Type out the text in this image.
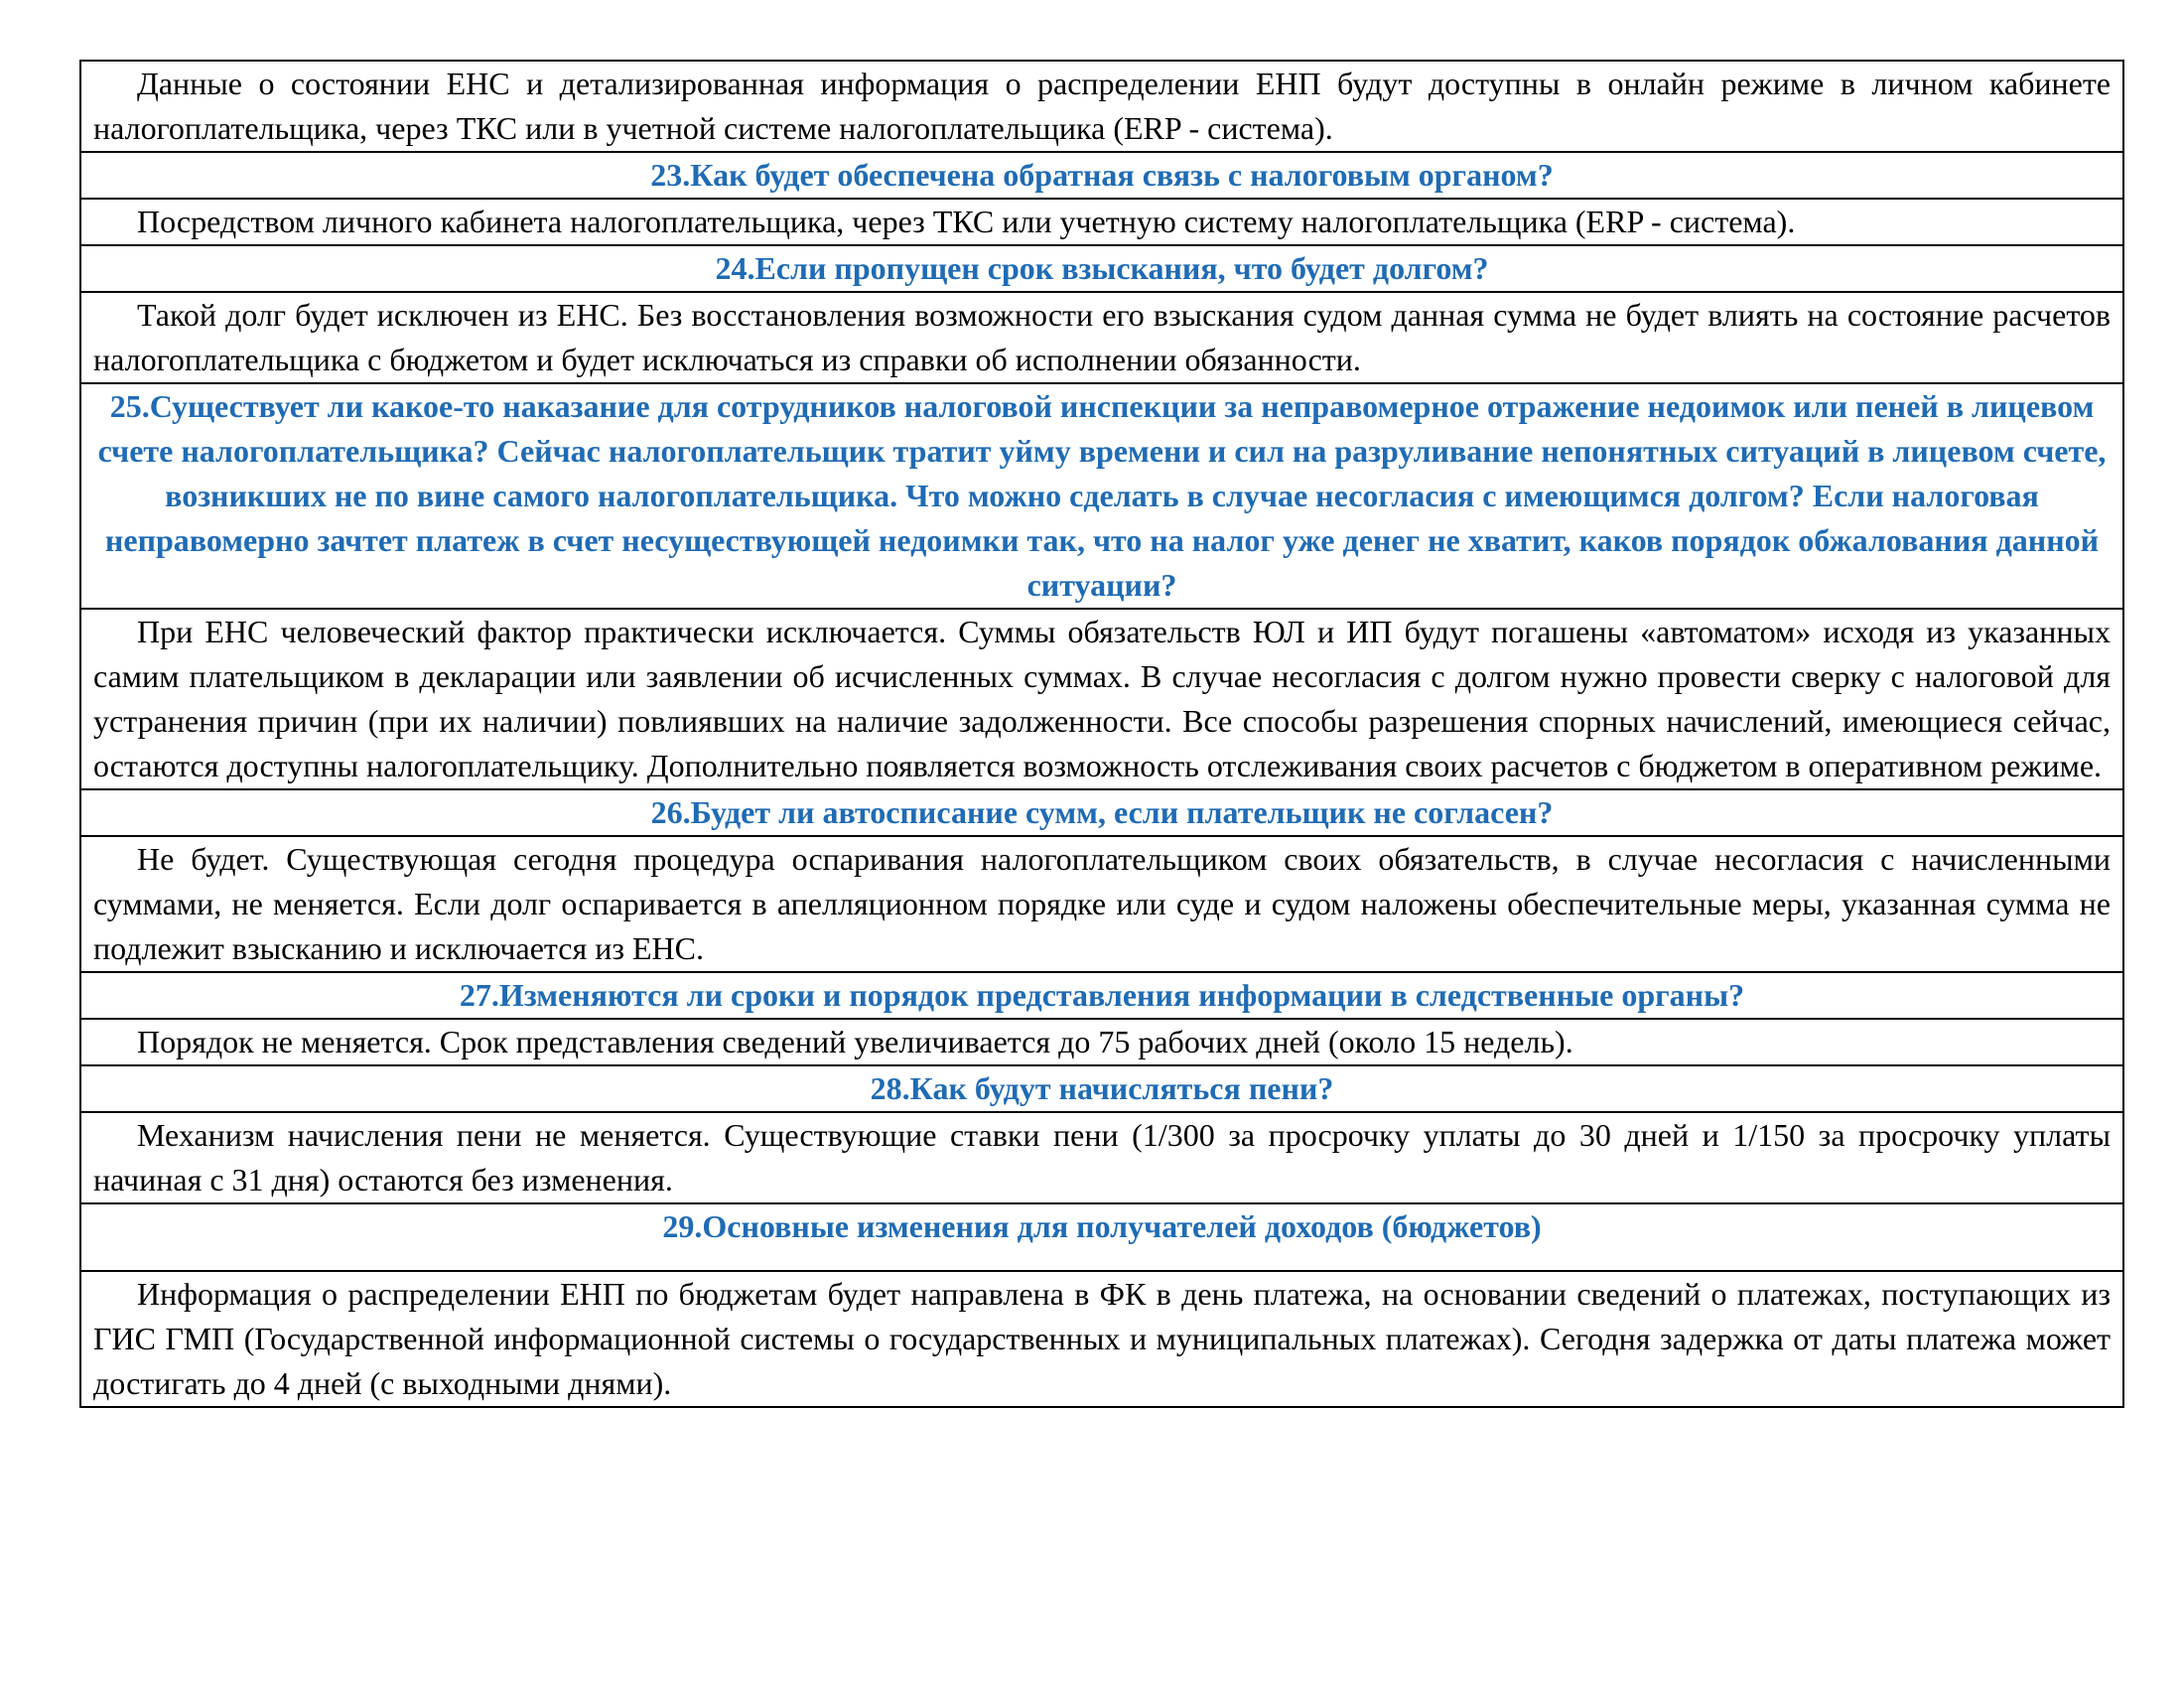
Данные о состоянии ЕНС и детализированная информация о распределении ЕНП будут доступны в онлайн режиме в личном кабинете налогоплательщика, через ТКС или в учетной системе налогоплательщика (ERP - система).
23.Как будет обеспечена обратная связь с налоговым органом?
Посредством личного кабинета налогоплательщика, через ТКС или учетную систему налогоплательщика (ERP - система).
24.Если пропущен срок взыскания, что будет долгом?
Такой долг будет исключен из ЕНС. Без восстановления возможности его взыскания судом данная сумма не будет влиять на состояние расчетов налогоплательщика с бюджетом и будет исключаться из справки об исполнении обязанности.
25.Существует ли какое-то наказание для сотрудников налоговой инспекции за неправомерное отражение недоимок или пеней в лицевом счете налогоплательщика? Сейчас налогоплательщик тратит уйму времени и сил на разруливание непонятных ситуаций в лицевом счете, возникших не по вине самого налогоплательщика. Что можно сделать в случае несогласия с имеющимся долгом? Если налоговая неправомерно зачтет платеж в счет несуществующей недоимки так, что на налог уже денег не хватит, каков порядок обжалования данной ситуации?
При ЕНС человеческий фактор практически исключается. Суммы обязательств ЮЛ и ИП будут погашены «автоматом» исходя из указанных самим плательщиком в декларации или заявлении об исчисленных суммах. В случае несогласия с долгом нужно провести сверку с налоговой для устранения причин (при их наличии) повлиявших на наличие задолженности. Все способы разрешения спорных начислений, имеющиеся сейчас, остаются доступны налогоплательщику. Дополнительно появляется возможность отслеживания своих расчетов с бюджетом в оперативном режиме.
26.Будет ли автосписание сумм, если плательщик не согласен?
Не будет. Существующая сегодня процедура оспаривания налогоплательщиком своих обязательств, в случае несогласия с начисленными суммами, не меняется. Если долг оспаривается в апелляционном порядке или суде и судом наложены обеспечительные меры, указанная сумма не подлежит взысканию и исключается из ЕНС.
27.Изменяются ли сроки и порядок представления информации в следственные органы?
Порядок не меняется. Срок представления сведений увеличивается до 75 рабочих дней (около 15 недель).
28.Как будут начисляться пени?
Механизм начисления пени не меняется. Существующие ставки пени (1/300 за просрочку уплаты до 30 дней и 1/150 за просрочку уплаты начиная с 31 дня) остаются без изменения.
29.Основные изменения для получателей доходов (бюджетов)
Информация о распределении ЕНП по бюджетам будет направлена в ФК в день платежа, на основании сведений о платежах, поступающих из ГИС ГМП (Государственной информационной системы о государственных и муниципальных платежах). Сегодня задержка от даты платежа может достигать до 4 дней (с выходными днями).
